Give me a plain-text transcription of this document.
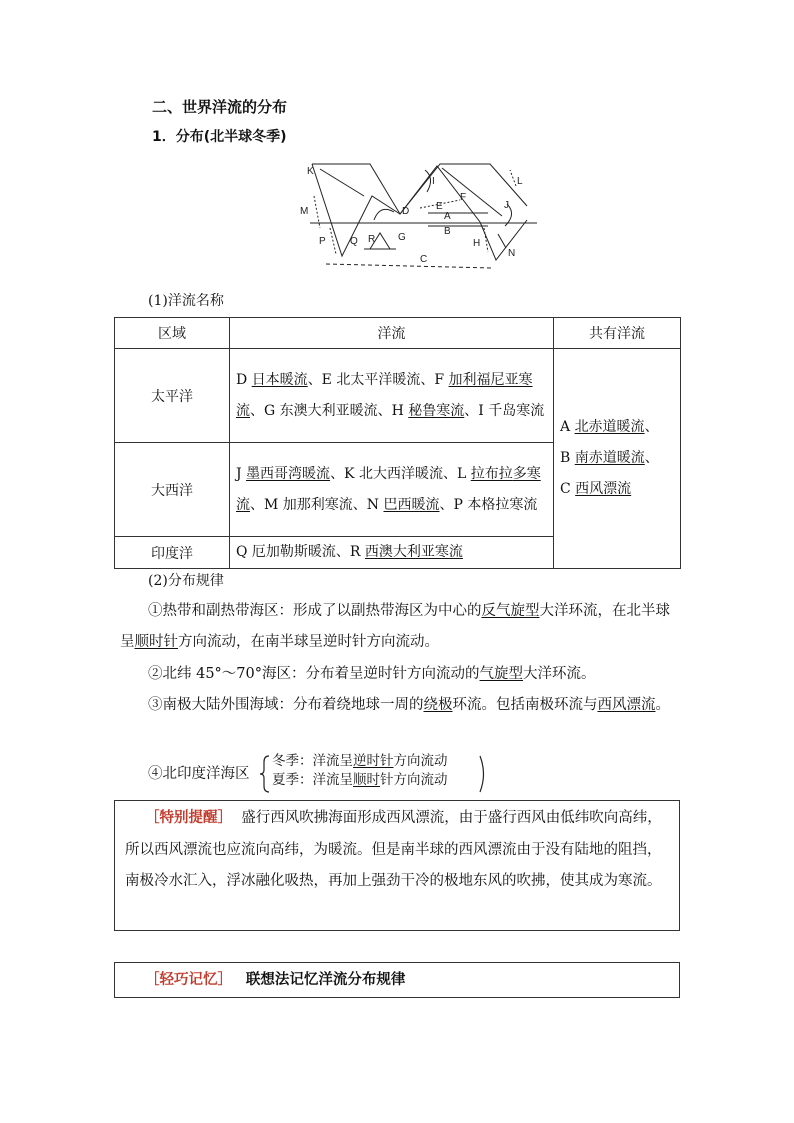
二、世界洋流的分布
1．分布(北半球冬季)
K
M
P Q R G
D	E
A
B
I
F
L
J
H
N
C
(1)洋流名称
区域	洋流	共有洋流
太平洋	D 日本暖流、E 北太平洋暖流、F 加利福尼亚寒流、G 东澳大利亚暖流、H 秘鲁寒流、I 千岛寒流	A 北赤道暖流、
B 南赤道暖流、
C 西风漂流
大西洋	J 墨西哥湾暖流、K 北大西洋暖流、L 拉布拉多寒流、M 加那利寒流、N 巴西暖流、P 本格拉寒流	
印度洋	Q 厄加勒斯暖流、R 西澳大利亚寒流	
(2)分布规律
①热带和副热带海区：形成了以副热带海区为中心的反气旋型大洋环流，在北半球呈顺时针方向流动，在南半球呈逆时针方向流动。
②北纬 45°～70°海区：分布着呈逆时针方向流动的气旋型大洋环流。
③南极大陆外围海域：分布着绕地球一周的绕极环流。包括南极环流与西风漂流。
④北印度洋海区
冬季：洋流呈逆时针方向流动
夏季：洋流呈顺时针方向流动
［特别提醒］ 盛行西风吹拂海面形成西风漂流，由于盛行西风由低纬吹向高纬，所以西风漂流也应流向高纬，为暖流。但是南半球的西风漂流由于没有陆地的阻挡，南极冷水汇入，浮冰融化吸热，再加上强劲干冷的极地东风的吹拂，使其成为寒流。
［轻巧记忆］ 联想法记忆洋流分布规律
